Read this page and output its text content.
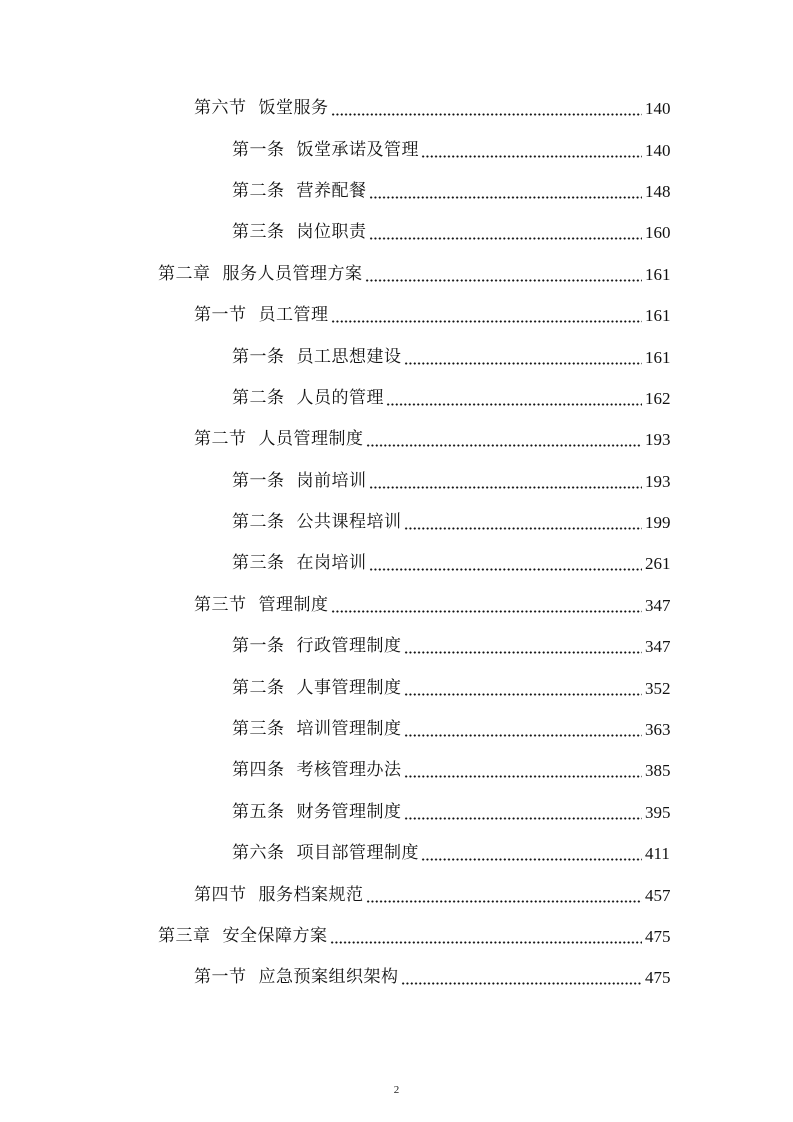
第六节 饭堂服务	140
第一条 饭堂承诺及管理	140
第二条 营养配餐	148
第三条 岗位职责	160
第二章 服务人员管理方案	161
第一节 员工管理	161
第一条 员工思想建设	161
第二条 人员的管理	162
第二节 人员管理制度	193
第一条 岗前培训	193
第二条 公共课程培训	199
第三条 在岗培训	261
第三节 管理制度	347
第一条 行政管理制度	347
第二条 人事管理制度	352
第三条 培训管理制度	363
第四条 考核管理办法	385
第五条 财务管理制度	395
第六条 项目部管理制度	411
第四节 服务档案规范	457
第三章 安全保障方案	475
第一节 应急预案组织架构	475
2
